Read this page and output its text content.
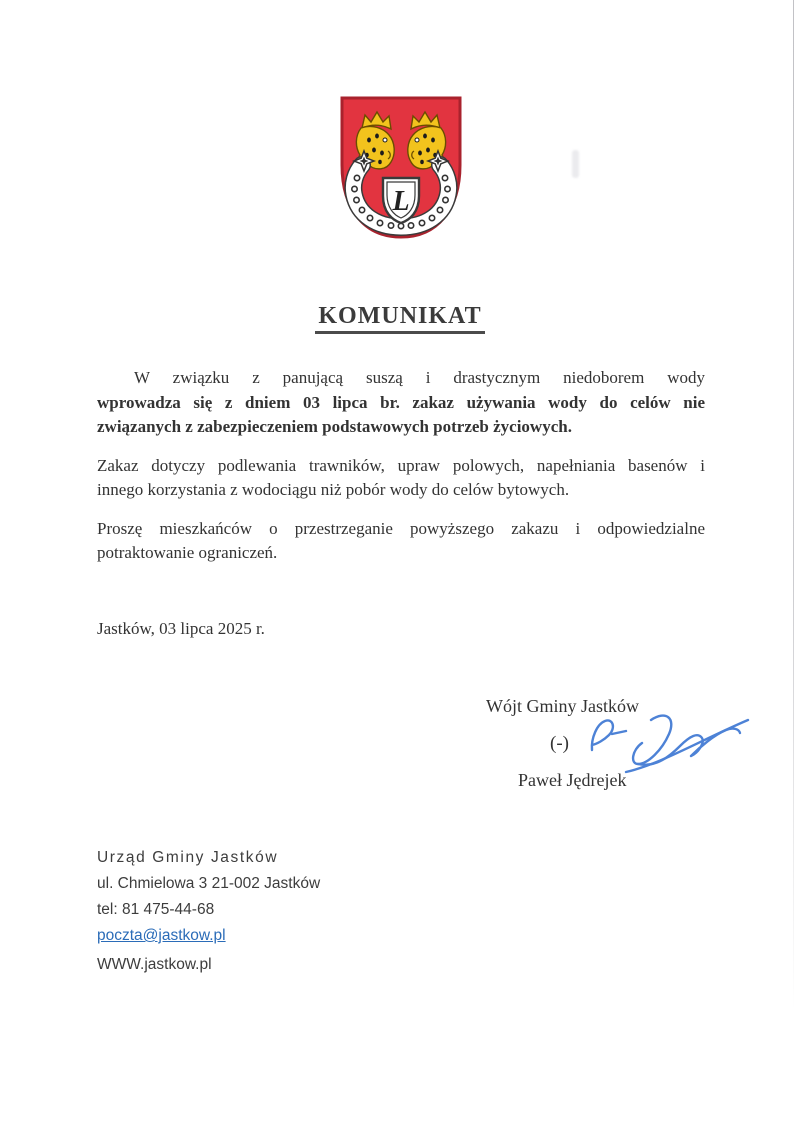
L
KOMUNIKAT
W związku z panującą suszą i drastycznym niedoborem wody
wprowadza się z dniem 03 lipca br. zakaz używania wody do celów nie
związanych z zabezpieczeniem podstawowych potrzeb życiowych.
Zakaz dotyczy podlewania trawników, upraw polowych, napełniania basenów i
innego korzystania z wodociągu niż pobór wody do celów bytowych.
Proszę mieszkańców o przestrzeganie powyższego zakazu i odpowiedzialne
potraktowanie ograniczeń.
Jastków, 03 lipca 2025 r.
Wójt Gminy Jastków
(-)
Paweł Jędrejek
Urząd Gminy Jastków
ul. Chmielowa 3 21-002 Jastków
tel: 81 475-44-68
poczta@jastkow.pl
WWW.jastkow.pl
